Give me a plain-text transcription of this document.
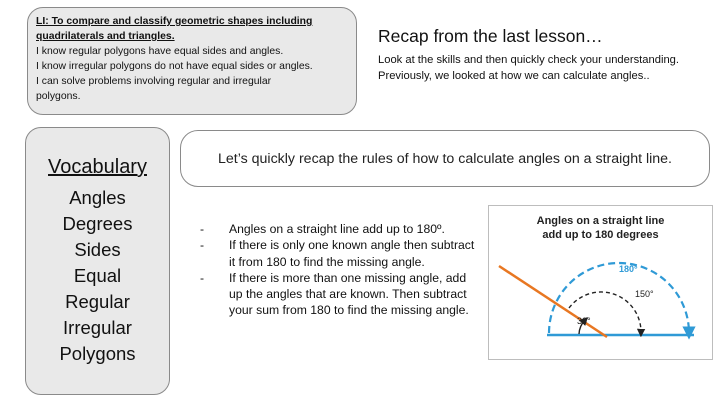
LI: To compare and classify geometric shapes including
quadrilaterals and triangles.
I know regular polygons have equal sides and angles.
I know irregular polygons do not have equal sides or angles.
I can solve problems involving regular and irregular
polygons.
Recap from the last lesson…
Look at the skills and then quickly check your understanding. Previously, we looked at how we can calculate angles..
Vocabulary
Angles
Degrees
Sides
Equal
Regular
Irregular
Polygons
Let’s quickly recap the rules of how to calculate angles on a straight line.
- Angles on a straight line add up to 180º.
- If there is only one known angle then subtract it from 180 to find the missing angle.
- If there is more than one missing angle, add up the angles that are known. Then subtract your sum from 180 to find the missing angle.
Angles on a straight line
add up to 180 degrees
180°
150°
30°
